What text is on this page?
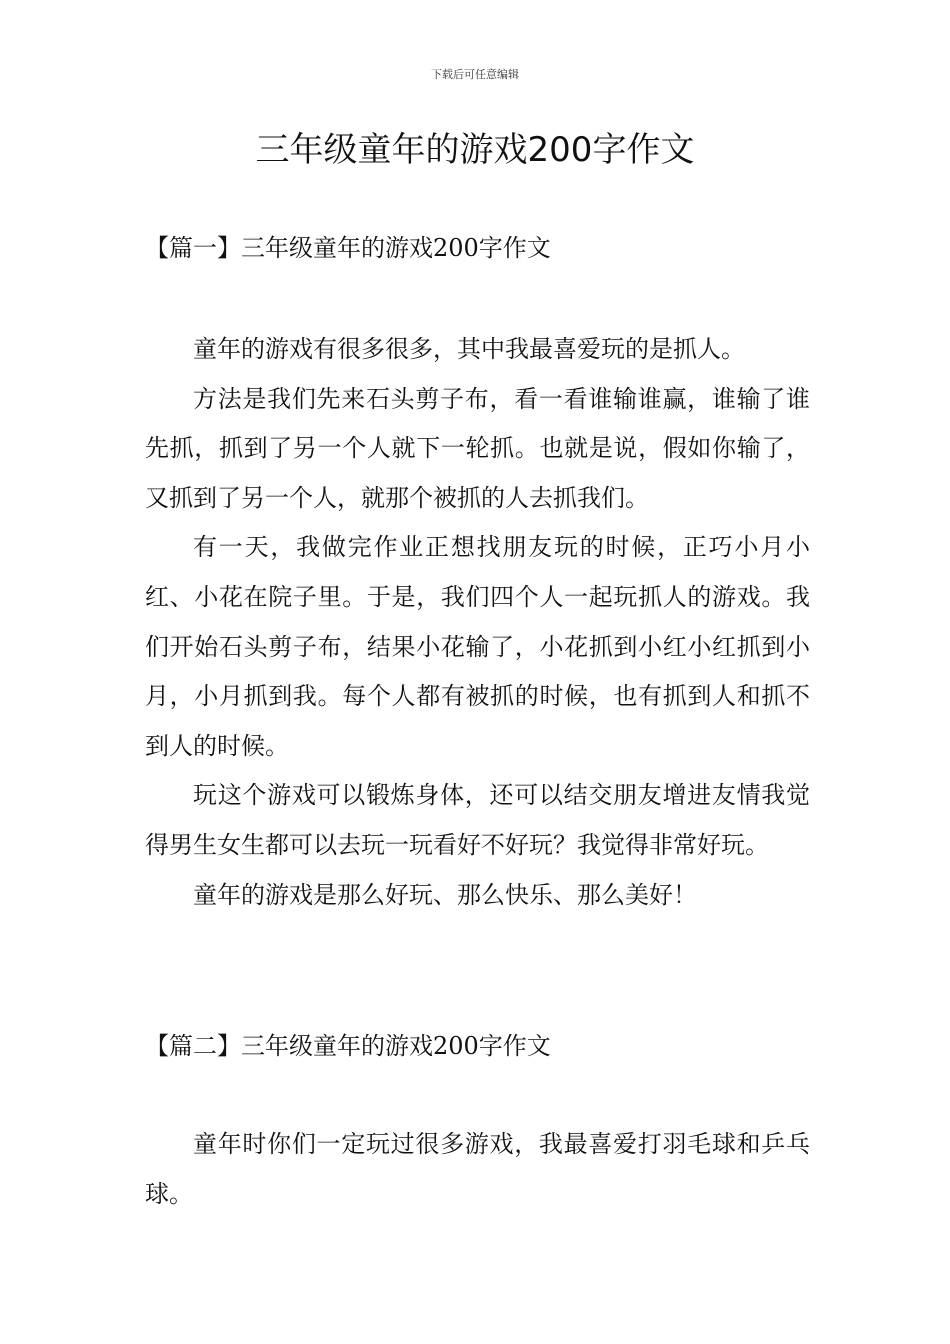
下载后可任意编辑
三年级童年的游戏200字作文
【篇一】三年级童年的游戏200字作文

童年的游戏有很多很多，其中我最喜爱玩的是抓人。

方法是我们先来石头剪子布，看一看谁输谁赢，谁输了谁先抓，抓到了另一个人就下一轮抓。也就是说，假如你输了，又抓到了另一个人，就那个被抓的人去抓我们。

有一天，我做完作业正想找朋友玩的时候，正巧小月小红、小花在院子里。于是，我们四个人一起玩抓人的游戏。我们开始石头剪子布，结果小花输了，小花抓到小红小红抓到小月，小月抓到我。每个人都有被抓的时候，也有抓到人和抓不到人的时候。

玩这个游戏可以锻炼身体，还可以结交朋友增进友情我觉得男生女生都可以去玩一玩看好不好玩？我觉得非常好玩。

童年的游戏是那么好玩、那么快乐、那么美好！

【篇二】三年级童年的游戏200字作文

童年时你们一定玩过很多游戏，我最喜爱打羽毛球和乒乓球。
